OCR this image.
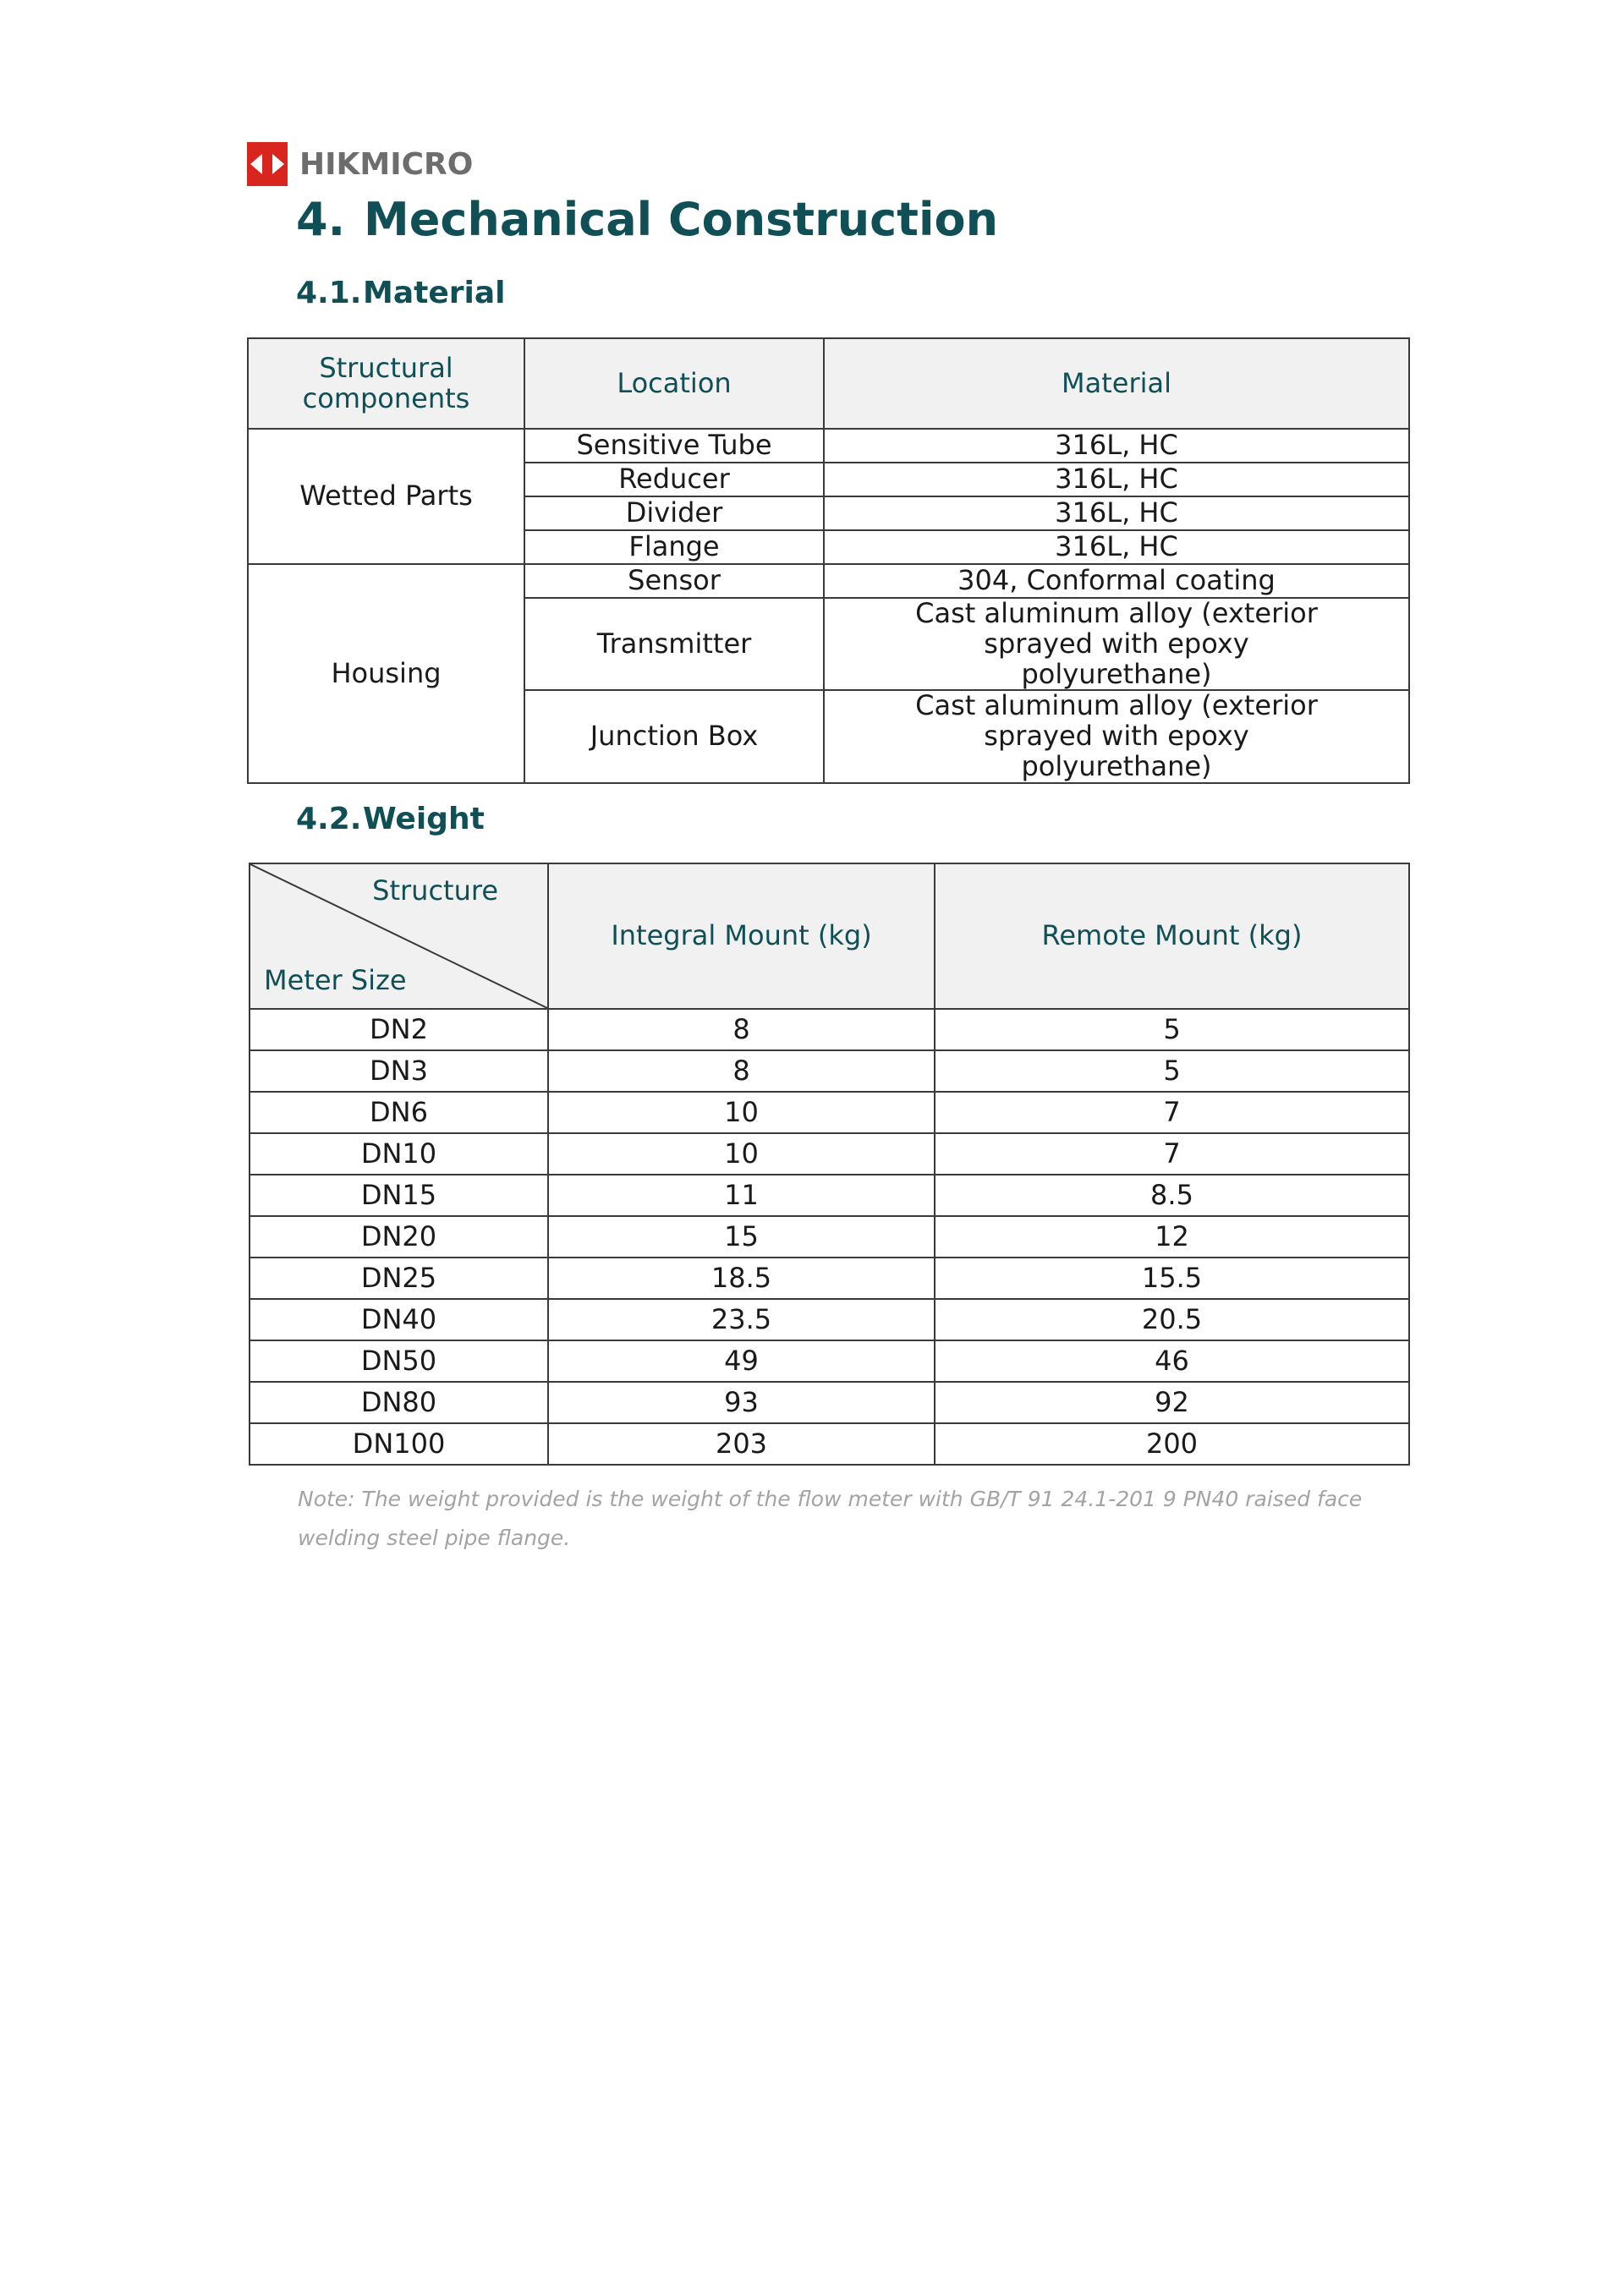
HIKMICRO
4. Mechanical Construction
4.1.Material
Structural components	Location	Material
Wetted Parts	Sensitive Tube	316L, HC
	Reducer	316L, HC
	Divider	316L, HC
	Flange	316L, HC
Housing	Sensor	304, Conformal coating
	Transmitter	Cast aluminum alloy (exterior sprayed with epoxy polyurethane)
	Junction Box	Cast aluminum alloy (exterior sprayed with epoxy polyurethane)
4.2.Weight
Structure
Meter Size	Integral Mount (kg)	Remote Mount (kg)
DN2	8	5
DN3	8	5
DN6	10	7
DN10	10	7
DN15	11	8.5
DN20	15	12
DN25	18.5	15.5
DN40	23.5	20.5
DN50	49	46
DN80	93	92
DN100	203	200
Note: The weight provided is the weight of the flow meter with GB/T 91 24.1-201 9 PN40 raised face welding steel pipe flange.
